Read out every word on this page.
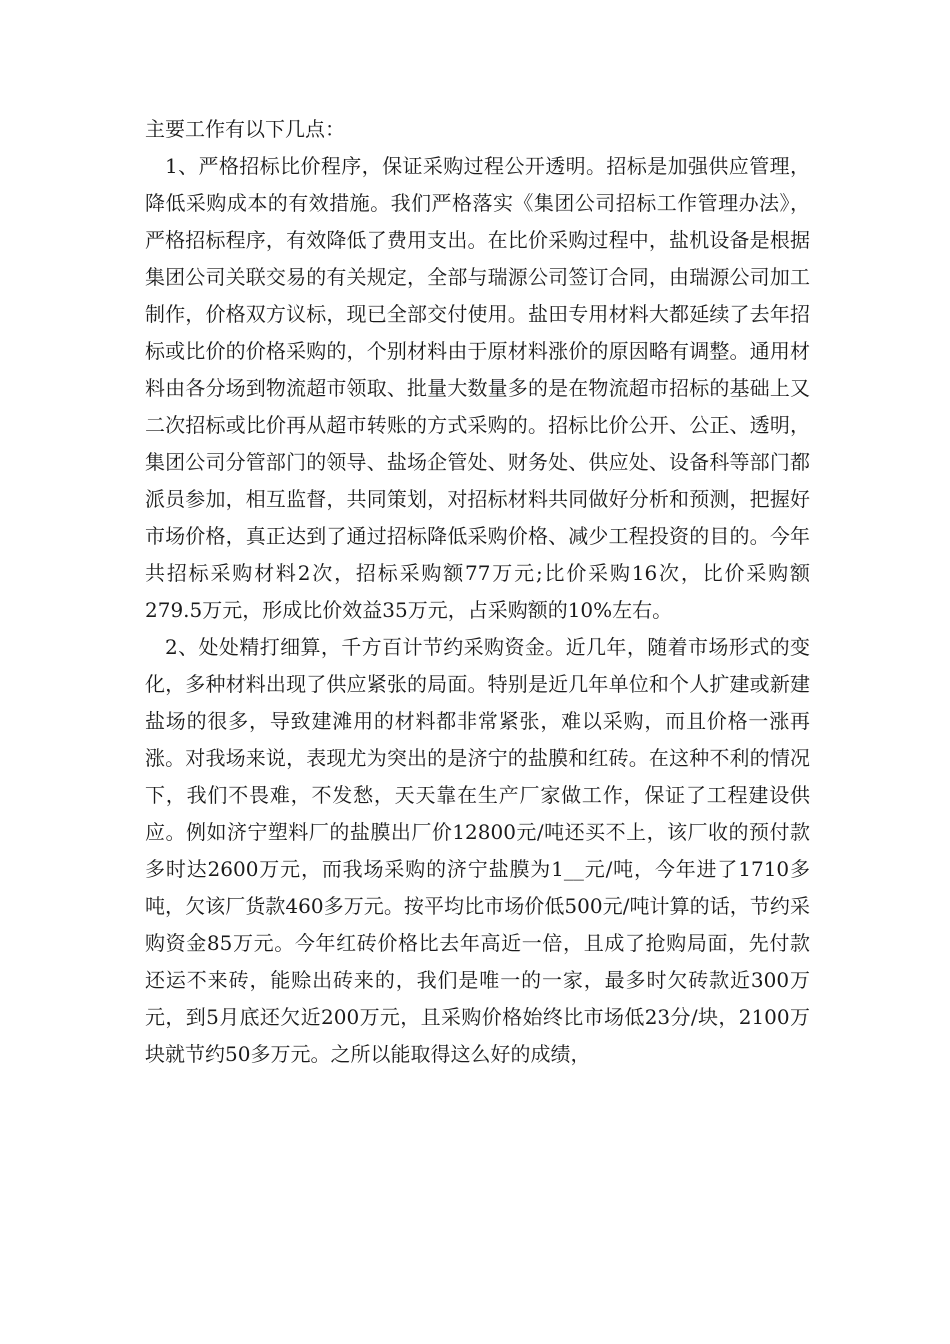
主要工作有以下几点：

1、严格招标比价程序，保证采购过程公开透明。招标是加强供应管理，降低采购成本的有效措施。我们严格落实《集团公司招标工作管理办法》，严格招标程序，有效降低了费用支出。在比价采购过程中，盐机设备是根据集团公司关联交易的有关规定，全部与瑞源公司签订合同，由瑞源公司加工制作，价格双方议标，现已全部交付使用。盐田专用材料大都延续了去年招标或比价的价格采购的，个别材料由于原材料涨价的原因略有调整。通用材料由各分场到物流超市领取、批量大数量多的是在物流超市招标的基础上又二次招标或比价再从超市转账的方式采购的。招标比价公开、公正、透明，集团公司分管部门的领导、盐场企管处、财务处、供应处、设备科等部门都派员参加，相互监督，共同策划，对招标材料共同做好分析和预测，把握好市场价格，真正达到了通过招标降低采购价格、减少工程投资的目的。今年共招标采购材料2次，招标采购额77万元;比价采购16次，比价采购额279.5万元，形成比价效益35万元，占采购额的10%左右。

2、处处精打细算，千方百计节约采购资金。近几年，随着市场形式的变化，多种材料出现了供应紧张的局面。特别是近几年单位和个人扩建或新建盐场的很多，导致建滩用的材料都非常紧张，难以采购，而且价格一涨再涨。对我场来说，表现尤为突出的是济宁的盐膜和红砖。在这种不利的情况下，我们不畏难，不发愁，天天靠在生产厂家做工作，保证了工程建设供应。例如济宁塑料厂的盐膜出厂价12800元/吨还买不上，该厂收的预付款多时达2600万元，而我场采购的济宁盐膜为1__元/吨，今年进了1710多吨，欠该厂货款460多万元。按平均比市场价低500元/吨计算的话，节约采购资金85万元。今年红砖价格比去年高近一倍，且成了抢购局面，先付款还运不来砖，能赊出砖来的，我们是唯一的一家，最多时欠砖款近300万元，到5月底还欠近200万元，且采购价格始终比市场低23分/块，2100万块就节约50多万元。之所以能取得这么好的成绩，
